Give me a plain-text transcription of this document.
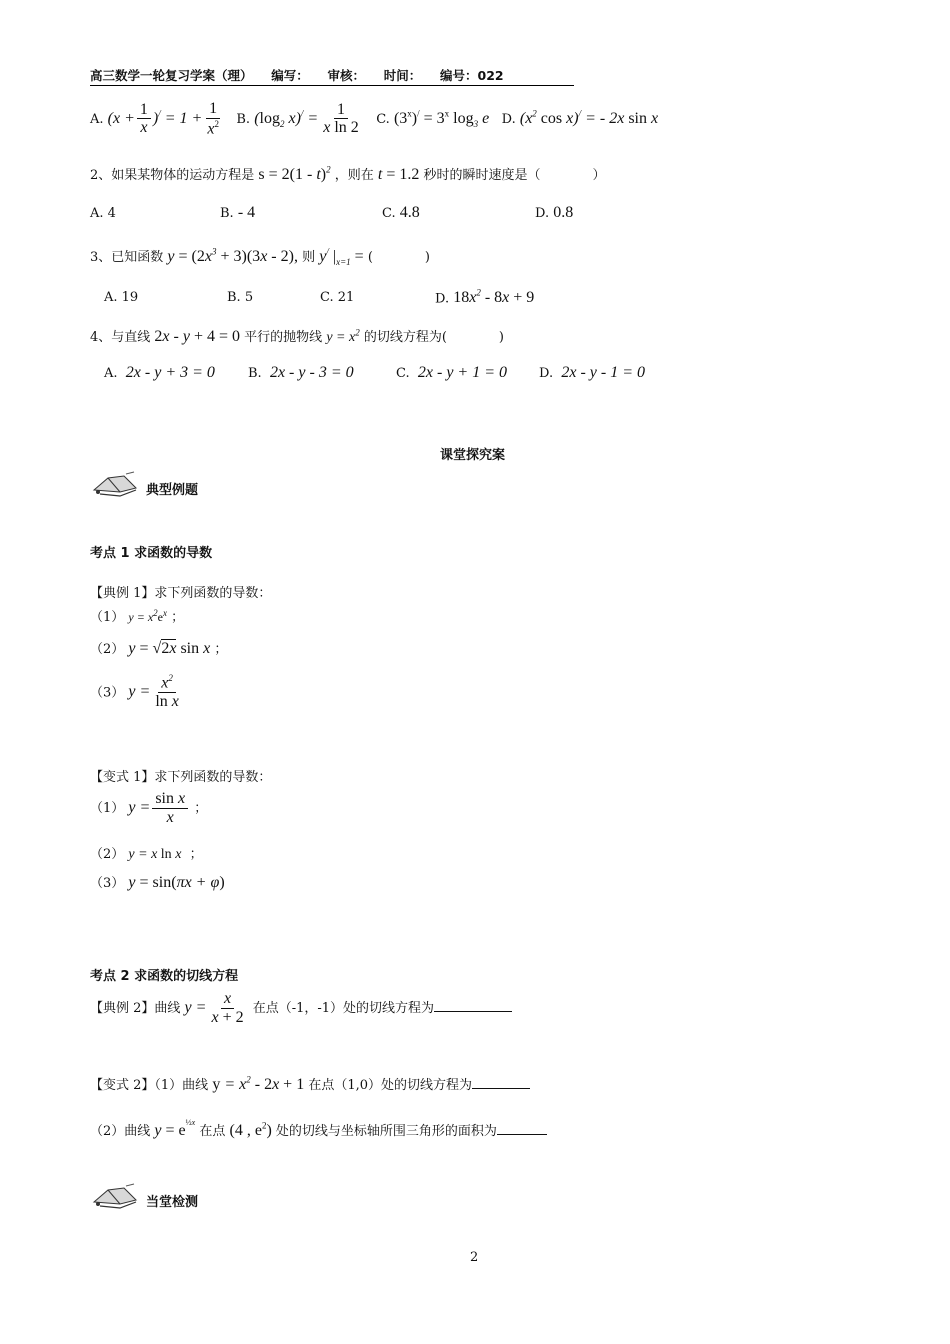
高三数学一轮复习学案（理）　　编写：　　审核：　　时间：　　编号：022
A. $(x + \frac{1}{x} )^/ = 1 + \frac{1}{x^2} B$. ($\log_2$ $x)^/ = \frac{1}{\text{x ln 2}} C$. $(3^x)^/ = 3^x$ $\log_3 e$ D. ($x^2$ cos x)/ = - 2x sin x
2、如果某物体的运动方程是 s = 2(1 - t)$^2$ ，则在 t = 1.2 秒时的瞬时速度是（　　　　）
A. 4	B. - 4	C. 4.8	D. 0.8
3、已知函数 $y = (2x^3 + 3)(3x - 2)$, 则 y/ $|_{x=1}$ = (　　　　)
A. 19	B. 5	C. 21	D. $18x^2 - 8x + 9$
4、与直线 2x - y + 4 = 0 平行的抛物线 $y = x^2$ 的切线方程为(　　　　)
A. 2x - y + 3 = 0	B. 2x - y - 3 = 0	C. 2x - y + 1 = 0 D. 2x - y - 1 = 0
课堂探究案
典型例题
考点 1 求函数的导数
【典例 1】求下列函数的导数：
（1） $y = x^2e^x$ ；
（2） y = √2x sin x ；
（3） $y = \frac{x^2}{\text{ln x}}$
【变式 1】求下列函数的导数：
（1） $y = \frac{\text{sin x}}{x}$ ；
（2） y = x ln x  ；
（3） y = sin(πx + φ)
考点 2 求函数的切线方程
【典例 2】曲线 $y = \frac{x}{x + 2}$ 在点（-1，-1）处的切线方程为
【变式 2】（1）曲线 $y = x^2 - 2x + 1$ 在点（1,0）处的切线方程为
（2）曲线 $y = e^{\frac{1}{2}x}$ 在点 (4 , $e^2$) 处的切线与坐标轴所围三角形的面积为
当堂检测
2
